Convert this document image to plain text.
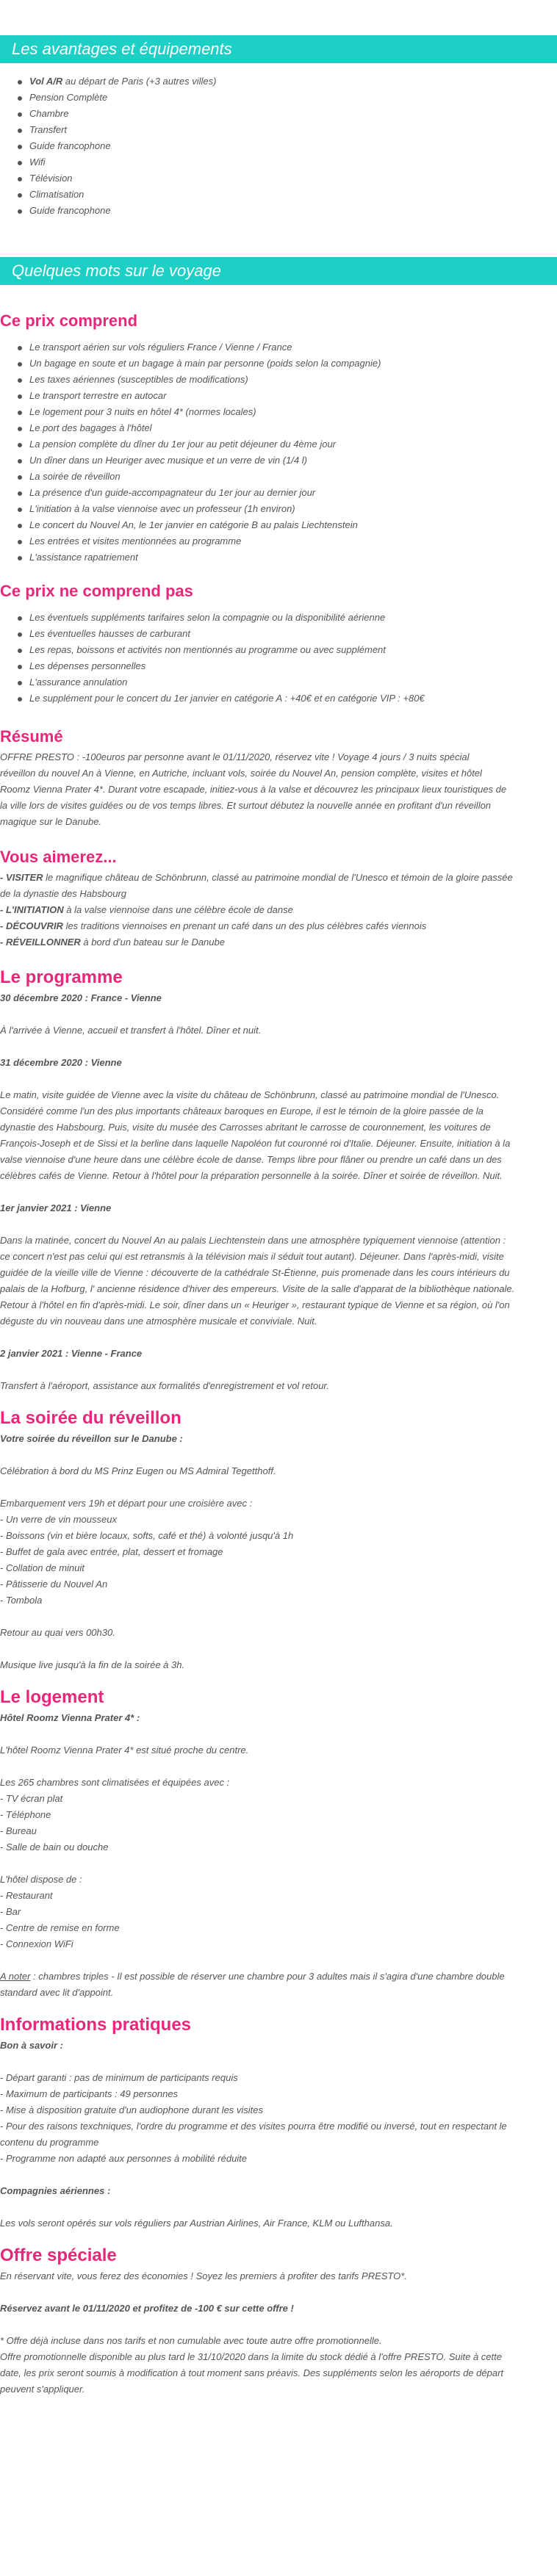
Les avantages et équipements
Vol A/R au départ de Paris (+3 autres villes)
Pension Complète
Chambre
Transfert
Guide francophone
Wifi
Télévision
Climatisation
Guide francophone
Quelques mots sur le voyage
Ce prix comprend
Le transport aérien sur vols réguliers France / Vienne / France
Un bagage en soute et un bagage à main par personne (poids selon la compagnie)
Les taxes aériennes (susceptibles de modifications)
Le transport terrestre en autocar
Le logement pour 3 nuits en hôtel 4* (normes locales)
Le port des bagages à l'hôtel
La pension complète du dîner du 1er jour au petit déjeuner du 4ème jour
Un dîner dans un Heuriger avec musique et un verre de vin (1/4 l)
La soirée de réveillon
La présence d'un guide-accompagnateur du 1er jour au dernier jour
L'initiation à la valse viennoise avec un professeur (1h environ)
Le concert du Nouvel An, le 1er janvier en catégorie B au palais Liechtenstein
Les entrées et visites mentionnées au programme
L'assistance rapatriement
Ce prix ne comprend pas
Les éventuels suppléments tarifaires selon la compagnie ou la disponibilité aérienne
Les éventuelles hausses de carburant
Les repas, boissons et activités non mentionnés au programme ou avec supplément
Les dépenses personnelles
L'assurance annulation
Le supplément pour le concert du 1er janvier en catégorie A : +40€ et en catégorie VIP : +80€
Résumé
OFFRE PRESTO : -100euros par personne avant le 01/11/2020, réservez vite ! Voyage 4 jours / 3 nuits spécial
réveillon du nouvel An à Vienne, en Autriche, incluant vols, soirée du Nouvel An, pension complète, visites et hôtel
Roomz Vienna Prater 4*. Durant votre escapade, initiez-vous à la valse et découvrez les principaux lieux touristiques de
la ville lors de visites guidées ou de vos temps libres. Et surtout débutez la nouvelle année en profitant d'un réveillon
magique sur le Danube.
Vous aimerez...
- VISITER le magnifique château de Schönbrunn, classé au patrimoine mondial de l'Unesco et témoin de la gloire passée
de la dynastie des Habsbourg
- L'INITIATION à la valse viennoise dans une célèbre école de danse
- DÉCOUVRIR les traditions viennoises en prenant un café dans un des plus célèbres cafés viennois
- RÉVEILLONNER à bord d'un bateau sur le Danube
Le programme
30 décembre 2020 : France - Vienne
À l'arrivée à Vienne, accueil et transfert à l'hôtel. Dîner et nuit.
31 décembre 2020 : Vienne
Le matin, visite guidée de Vienne avec la visite du château de Schönbrunn, classé au patrimoine mondial de l'Unesco.
Considéré comme l'un des plus importants châteaux baroques en Europe, il est le témoin de la gloire passée de la
dynastie des Habsbourg. Puis, visite du musée des Carrosses abritant le carrosse de couronnement, les voitures de
François-Joseph et de Sissi et la berline dans laquelle Napoléon fut couronné roi d'Italie. Déjeuner. Ensuite, initiation à la
valse viennoise d'une heure dans une célèbre école de danse. Temps libre pour flâner ou prendre un café dans un des
célèbres cafés de Vienne. Retour à l'hôtel pour la préparation personnelle à la soirée. Dîner et soirée de réveillon. Nuit.
1er janvier 2021 : Vienne
Dans la matinée, concert du Nouvel An au palais Liechtenstein dans une atmosphère typiquement viennoise (attention :
ce concert n'est pas celui qui est retransmis à la télévision mais il séduit tout autant). Déjeuner. Dans l'après-midi, visite
guidée de la vieille ville de Vienne : découverte de la cathédrale St-Étienne, puis promenade dans les cours intérieurs du
palais de la Hofburg, l' ancienne résidence d'hiver des empereurs. Visite de la salle d'apparat de la bibliothèque nationale.
Retour à l'hôtel en fin d'après-midi. Le soir, dîner dans un « Heuriger », restaurant typique de Vienne et sa région, où l'on
déguste du vin nouveau dans une atmosphère musicale et conviviale. Nuit.
2 janvier 2021 : Vienne - France
Transfert à l'aéroport, assistance aux formalités d'enregistrement et vol retour.
La soirée du réveillon
Votre soirée du réveillon sur le Danube :
Célébration à bord du MS Prinz Eugen ou MS Admiral Tegetthoff.
Embarquement vers 19h et départ pour une croisière avec :
- Un verre de vin mousseux
- Boissons (vin et bière locaux, softs, café et thé) à volonté jusqu'à 1h
- Buffet de gala avec entrée, plat, dessert et fromage
- Collation de minuit
- Pâtisserie du Nouvel An
- Tombola
Retour au quai vers 00h30.
Musique live jusqu'à la fin de la soirée à 3h.
Le logement
Hôtel Roomz Vienna Prater 4* :
L'hôtel Roomz Vienna Prater 4* est situé proche du centre.
Les 265 chambres sont climatisées et équipées avec :
- TV écran plat
- Téléphone
- Bureau
- Salle de bain ou douche
L'hôtel dispose de :
- Restaurant
- Bar
- Centre de remise en forme
- Connexion WiFi
A noter : chambres triples - Il est possible de réserver une chambre pour 3 adultes mais il s'agira d'une chambre double
standard avec lit d'appoint.
Informations pratiques
Bon à savoir :
- Départ garanti : pas de minimum de participants requis
- Maximum de participants : 49 personnes
- Mise à disposition gratuite d'un audiophone durant les visites
- Pour des raisons texchniques, l'ordre du programme et des visites pourra être modifié ou inversé, tout en respectant le
contenu du programme
- Programme non adapté aux personnes à mobilité réduite
Compagnies aériennes :
Les vols seront opérés sur vols réguliers par Austrian Airlines, Air France, KLM ou Lufthansa.
Offre spéciale
En réservant vite, vous ferez des économies ! Soyez les premiers à profiter des tarifs PRESTO*.
Réservez avant le 01/11/2020 et profitez de -100 € sur cette offre !
* Offre déjà incluse dans nos tarifs et non cumulable avec toute autre offre promotionnelle.
Offre promotionnelle disponible au plus tard le 31/10/2020 dans la limite du stock dédié à l'offre PRESTO. Suite à cette
date, les prix seront soumis à modification à tout moment sans préavis. Des suppléments selon les aéroports de départ
peuvent s'appliquer.
